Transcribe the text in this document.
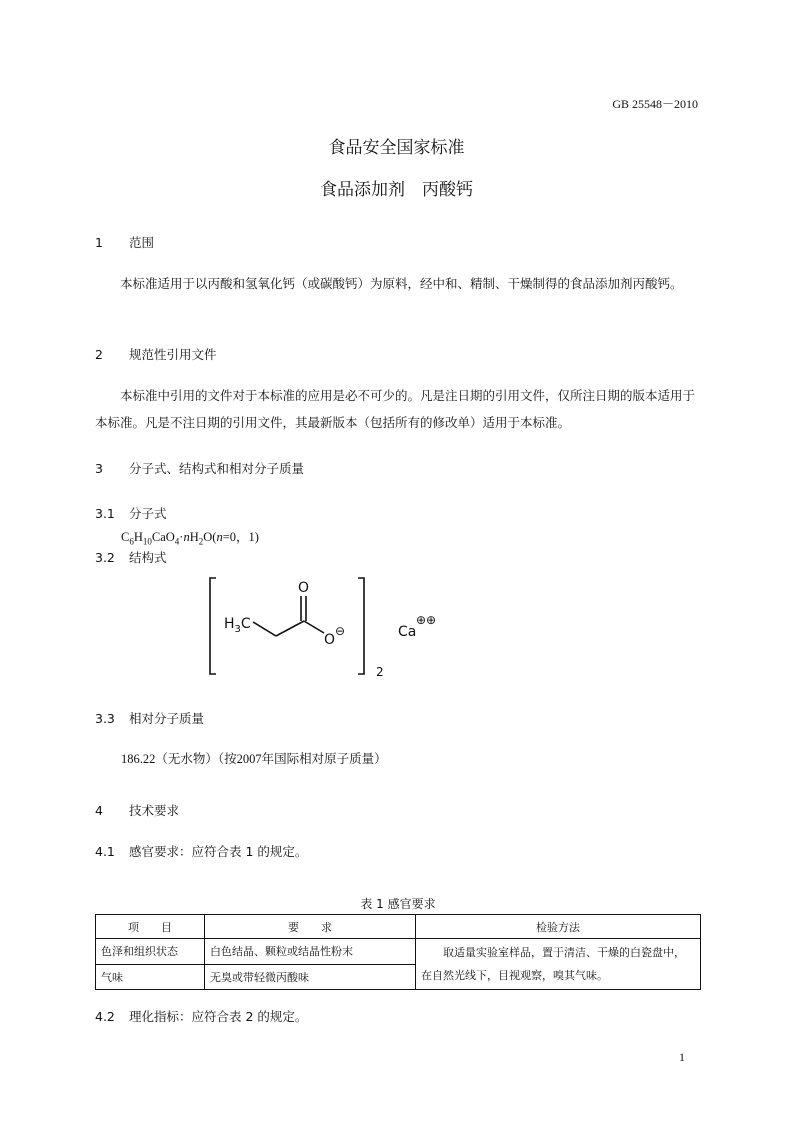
GB 25548－2010
食品安全国家标准
食品添加剂　丙酸钙
1 范围
本标准适用于以丙酸和氢氧化钙（或碳酸钙）为原料，经中和、精制、干燥制得的食品添加剂丙酸钙。
2 规范性引用文件
本标准中引用的文件对于本标准的应用是必不可少的。凡是注日期的引用文件，仅所注日期的版本适用于本标准。凡是不注日期的引用文件，其最新版本（包括所有的修改单）适用于本标准。
3 分子式、结构式和相对分子质量
3.1 分子式
$C_6H_{10}CaO_4\cdot nH_2O(n=0$，1)
3.2 结构式
$H_3C$
O
O
⊖
2
Ca
⊕⊕
3.3 相对分子质量
186.22（无水物）（按2007年国际相对原子质量）
4 技术要求
4.1 感官要求：应符合表 1 的规定。
表 1 感官要求
项　　目	要　　求	检验方法
色泽和组织状态	白色结晶、颗粒或结晶性粉末	取适量实验室样品，置于清洁、干燥的白瓷盘中，在自然光线下，目视观察，嗅其气味。
气味	无臭或带轻微丙酸味	
4.2 理化指标：应符合表 2 的规定。
1
